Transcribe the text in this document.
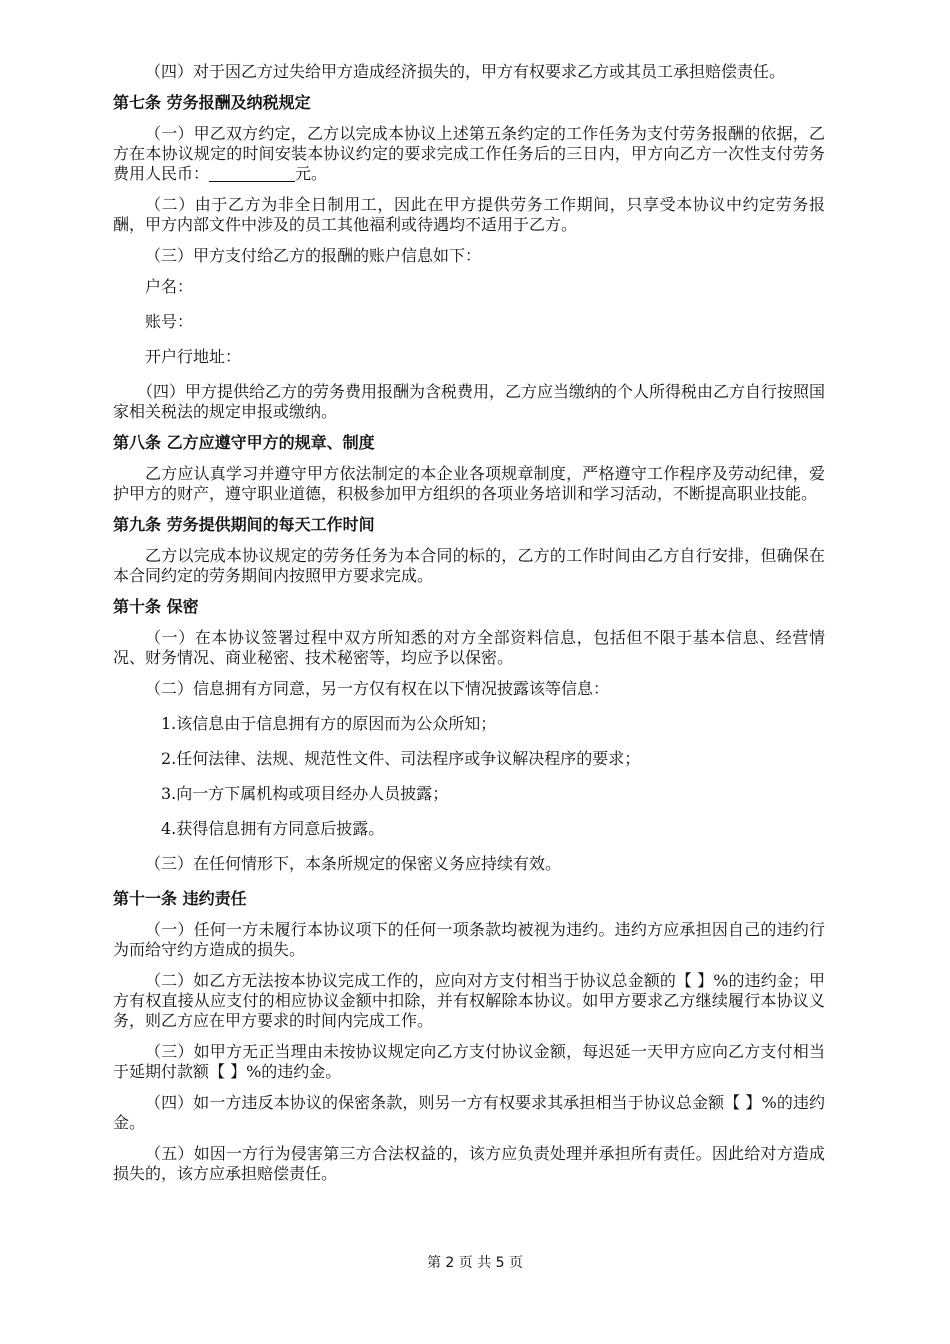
（四）对于因乙方过失给甲方造成经济损失的，甲方有权要求乙方或其员工承担赔偿责任。

第七条 劳务报酬及纳税规定

（一）甲乙双方约定，乙方以完成本协议上述第五条约定的工作任务为支付劳务报酬的依据，乙方在本协议规定的时间安装本协议约定的要求完成工作任务后的三日内，甲方向乙方一次性支付劳务费用人民币：	元。

（二）由于乙方为非全日制用工，因此在甲方提供劳务工作期间，只享受本协议中约定劳务报酬，甲方内部文件中涉及的员工其他福利或待遇均不适用于乙方。

（三）甲方支付给乙方的报酬的账户信息如下：

户名：

账号：

开户行地址：

（四）甲方提供给乙方的劳务费用报酬为含税费用，乙方应当缴纳的个人所得税由乙方自行按照国家相关税法的规定申报或缴纳。

第八条 乙方应遵守甲方的规章、制度

乙方应认真学习并遵守甲方依法制定的本企业各项规章制度，严格遵守工作程序及劳动纪律，爱护甲方的财产，遵守职业道德，积极参加甲方组织的各项业务培训和学习活动，不断提高职业技能。

第九条 劳务提供期间的每天工作时间

乙方以完成本协议规定的劳务任务为本合同的标的，乙方的工作时间由乙方自行安排，但确保在本合同约定的劳务期间内按照甲方要求完成。

第十条 保密

（一）在本协议签署过程中双方所知悉的对方全部资料信息，包括但不限于基本信息、经营情况、财务情况、商业秘密、技术秘密等，均应予以保密。

（二）信息拥有方同意，另一方仅有权在以下情况披露该等信息：

1.该信息由于信息拥有方的原因而为公众所知；

2.任何法律、法规、规范性文件、司法程序或争议解决程序的要求；

3.向一方下属机构或项目经办人员披露；

4.获得信息拥有方同意后披露。

（三）在任何情形下，本条所规定的保密义务应持续有效。

第十一条 违约责任

（一）任何一方未履行本协议项下的任何一项条款均被视为违约。违约方应承担因自己的违约行为而给守约方造成的损失。

（二）如乙方无法按本协议完成工作的，应向对方支付相当于协议总金额的【 】%的违约金；甲方有权直接从应支付的相应协议金额中扣除，并有权解除本协议。如甲方要求乙方继续履行本协议义务，则乙方应在甲方要求的时间内完成工作。

（三）如甲方无正当理由未按协议规定向乙方支付协议金额，每迟延一天甲方应向乙方支付相当于延期付款额【 】%的违约金。

（四）如一方违反本协议的保密条款，则另一方有权要求其承担相当于协议总金额【 】%的违约金。

（五）如因一方行为侵害第三方合法权益的，该方应负责处理并承担所有责任。因此给对方造成损失的，该方应承担赔偿责任。

第 2 页 共 5 页
